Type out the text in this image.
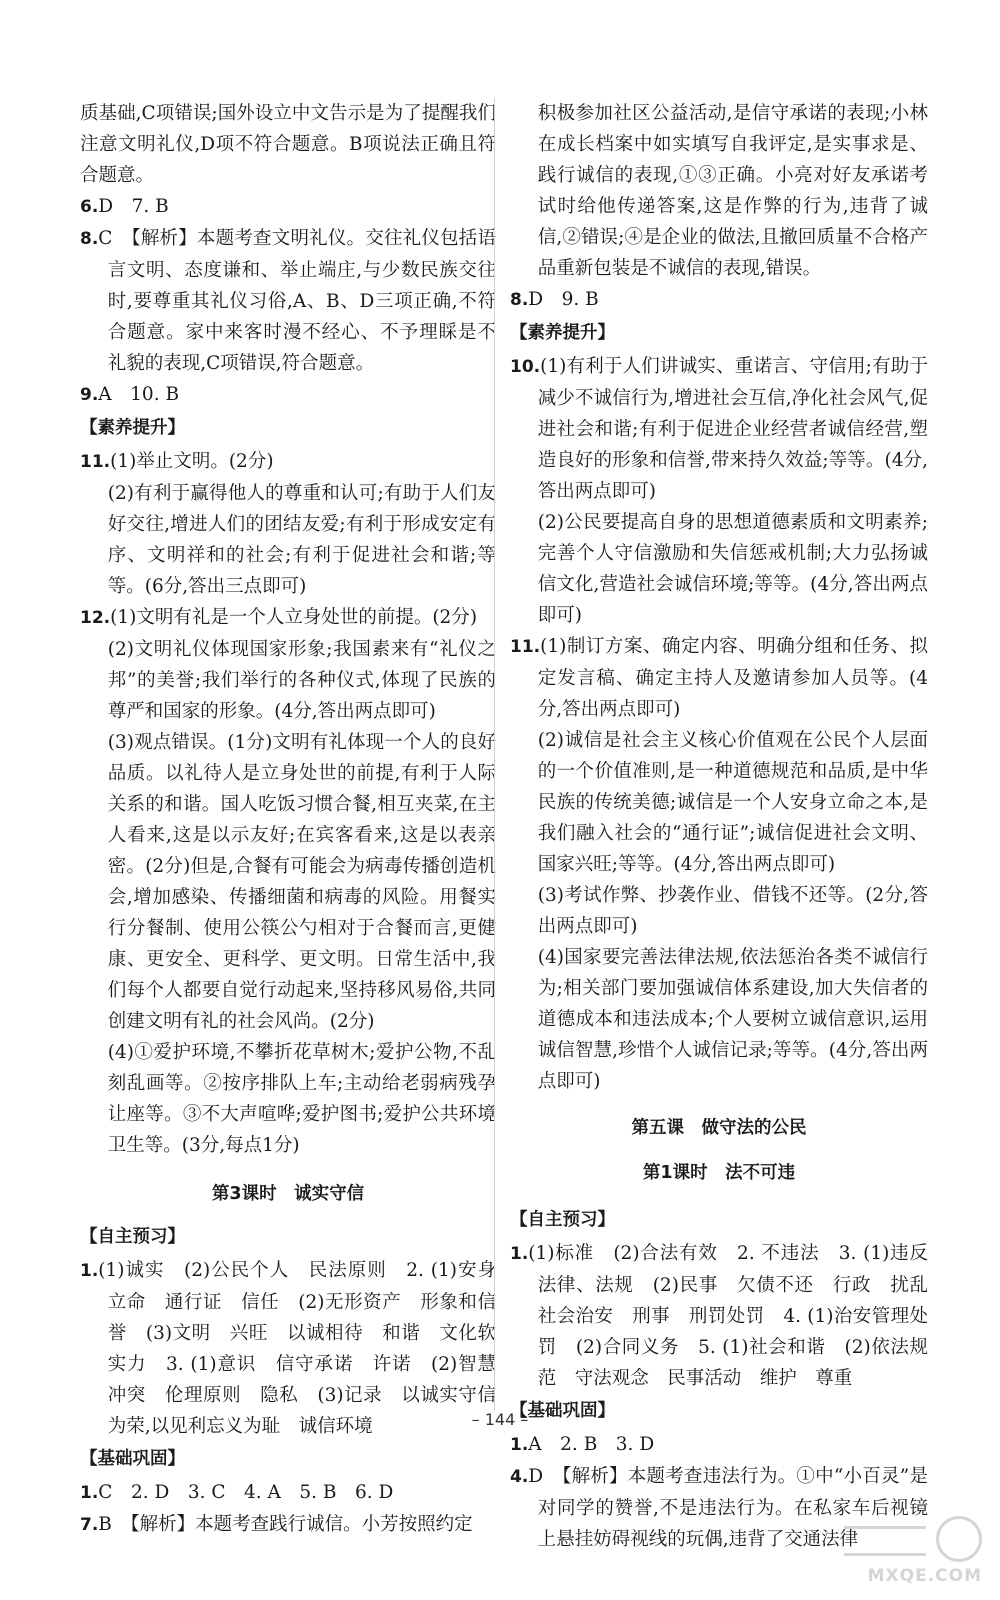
质基础,C项错误;国外设立中文告示是为了提醒我们注意文明礼仪,D项不符合题意。B项说法正确且符合题意。
6.D　7. B
8.C　【解析】本题考查文明礼仪。交往礼仪包括语言文明、态度谦和、举止端庄,与少数民族交往时,要尊重其礼仪习俗,A、B、D三项正确,不符合题意。家中来客时漫不经心、不予理睬是不礼貌的表现,C项错误,符合题意。
9.A　10. B
【素养提升】
11.(1)举止文明。(2分)
(2)有利于赢得他人的尊重和认可;有助于人们友好交往,增进人们的团结友爱;有利于形成安定有序、文明祥和的社会;有利于促进社会和谐;等等。(6分,答出三点即可)
12.(1)文明有礼是一个人立身处世的前提。(2分)
(2)文明礼仪体现国家形象;我国素来有“礼仪之邦”的美誉;我们举行的各种仪式,体现了民族的尊严和国家的形象。(4分,答出两点即可)
(3)观点错误。(1分)文明有礼体现一个人的良好品质。以礼待人是立身处世的前提,有利于人际关系的和谐。国人吃饭习惯合餐,相互夹菜,在主人看来,这是以示友好;在宾客看来,这是以表亲密。(2分)但是,合餐有可能会为病毒传播创造机会,增加感染、传播细菌和病毒的风险。用餐实行分餐制、使用公筷公勺相对于合餐而言,更健康、更安全、更科学、更文明。日常生活中,我们每个人都要自觉行动起来,坚持移风易俗,共同创建文明有礼的社会风尚。(2分)
(4)①爱护环境,不攀折花草树木;爱护公物,不乱刻乱画等。②按序排队上车;主动给老弱病残孕让座等。③不大声喧哗;爱护图书;爱护公共环境卫生等。(3分,每点1分)
第3课时　诚实守信
【自主预习】
1.(1)诚实　(2)公民个人　民法原则　2. (1)安身立命　通行证　信任　(2)无形资产　形象和信誉　(3)文明　兴旺　以诚相待　和谐　文化软实力　3. (1)意识　信守承诺　许诺　(2)智慧　冲突　伦理原则　隐私　(3)记录　以诚实守信为荣,以见利忘义为耻　诚信环境
【基础巩固】
1.C　2. D　3. C　4. A　5. B　6. D
7.B　【解析】本题考查践行诚信。小芳按照约定
积极参加社区公益活动,是信守承诺的表现;小林在成长档案中如实填写自我评定,是实事求是、践行诚信的表现,①③正确。小亮对好友承诺考试时给他传递答案,这是作弊的行为,违背了诚信,②错误;④是企业的做法,且撤回质量不合格产品重新包装是不诚信的表现,错误。
8.D　9. B
【素养提升】
10.(1)有利于人们讲诚实、重诺言、守信用;有助于减少不诚信行为,增进社会互信,净化社会风气,促进社会和谐;有利于促进企业经营者诚信经营,塑造良好的形象和信誉,带来持久效益;等等。(4分,答出两点即可)
(2)公民要提高自身的思想道德素质和文明素养;完善个人守信激励和失信惩戒机制;大力弘扬诚信文化,营造社会诚信环境;等等。(4分,答出两点即可)
11.(1)制订方案、确定内容、明确分组和任务、拟定发言稿、确定主持人及邀请参加人员等。(4分,答出两点即可)
(2)诚信是社会主义核心价值观在公民个人层面的一个价值准则,是一种道德规范和品质,是中华民族的传统美德;诚信是一个人安身立命之本,是我们融入社会的“通行证”;诚信促进社会文明、国家兴旺;等等。(4分,答出两点即可)
(3)考试作弊、抄袭作业、借钱不还等。(2分,答出两点即可)
(4)国家要完善法律法规,依法惩治各类不诚信行为;相关部门要加强诚信体系建设,加大失信者的道德成本和违法成本;个人要树立诚信意识,运用诚信智慧,珍惜个人诚信记录;等等。(4分,答出两点即可)
第五课　做守法的公民
第1课时　法不可违
【自主预习】
1.(1)标准　(2)合法有效　2. 不违法　3. (1)违反法律、法规　(2)民事　欠债不还　行政　扰乱社会治安　刑事　刑罚处罚　4. (1)治安管理处罚　(2)合同义务　5. (1)社会和谐　(2)依法规范　守法观念　民事活动　维护　尊重
【基础巩固】
1.A　2. B　3. D
4.D　【解析】本题考查违法行为。①中“小百灵”是对同学的赞誉,不是违法行为。在私家车后视镜上悬挂妨碍视线的玩偶,违背了交通法律
– 144 –
MXQE.COM
